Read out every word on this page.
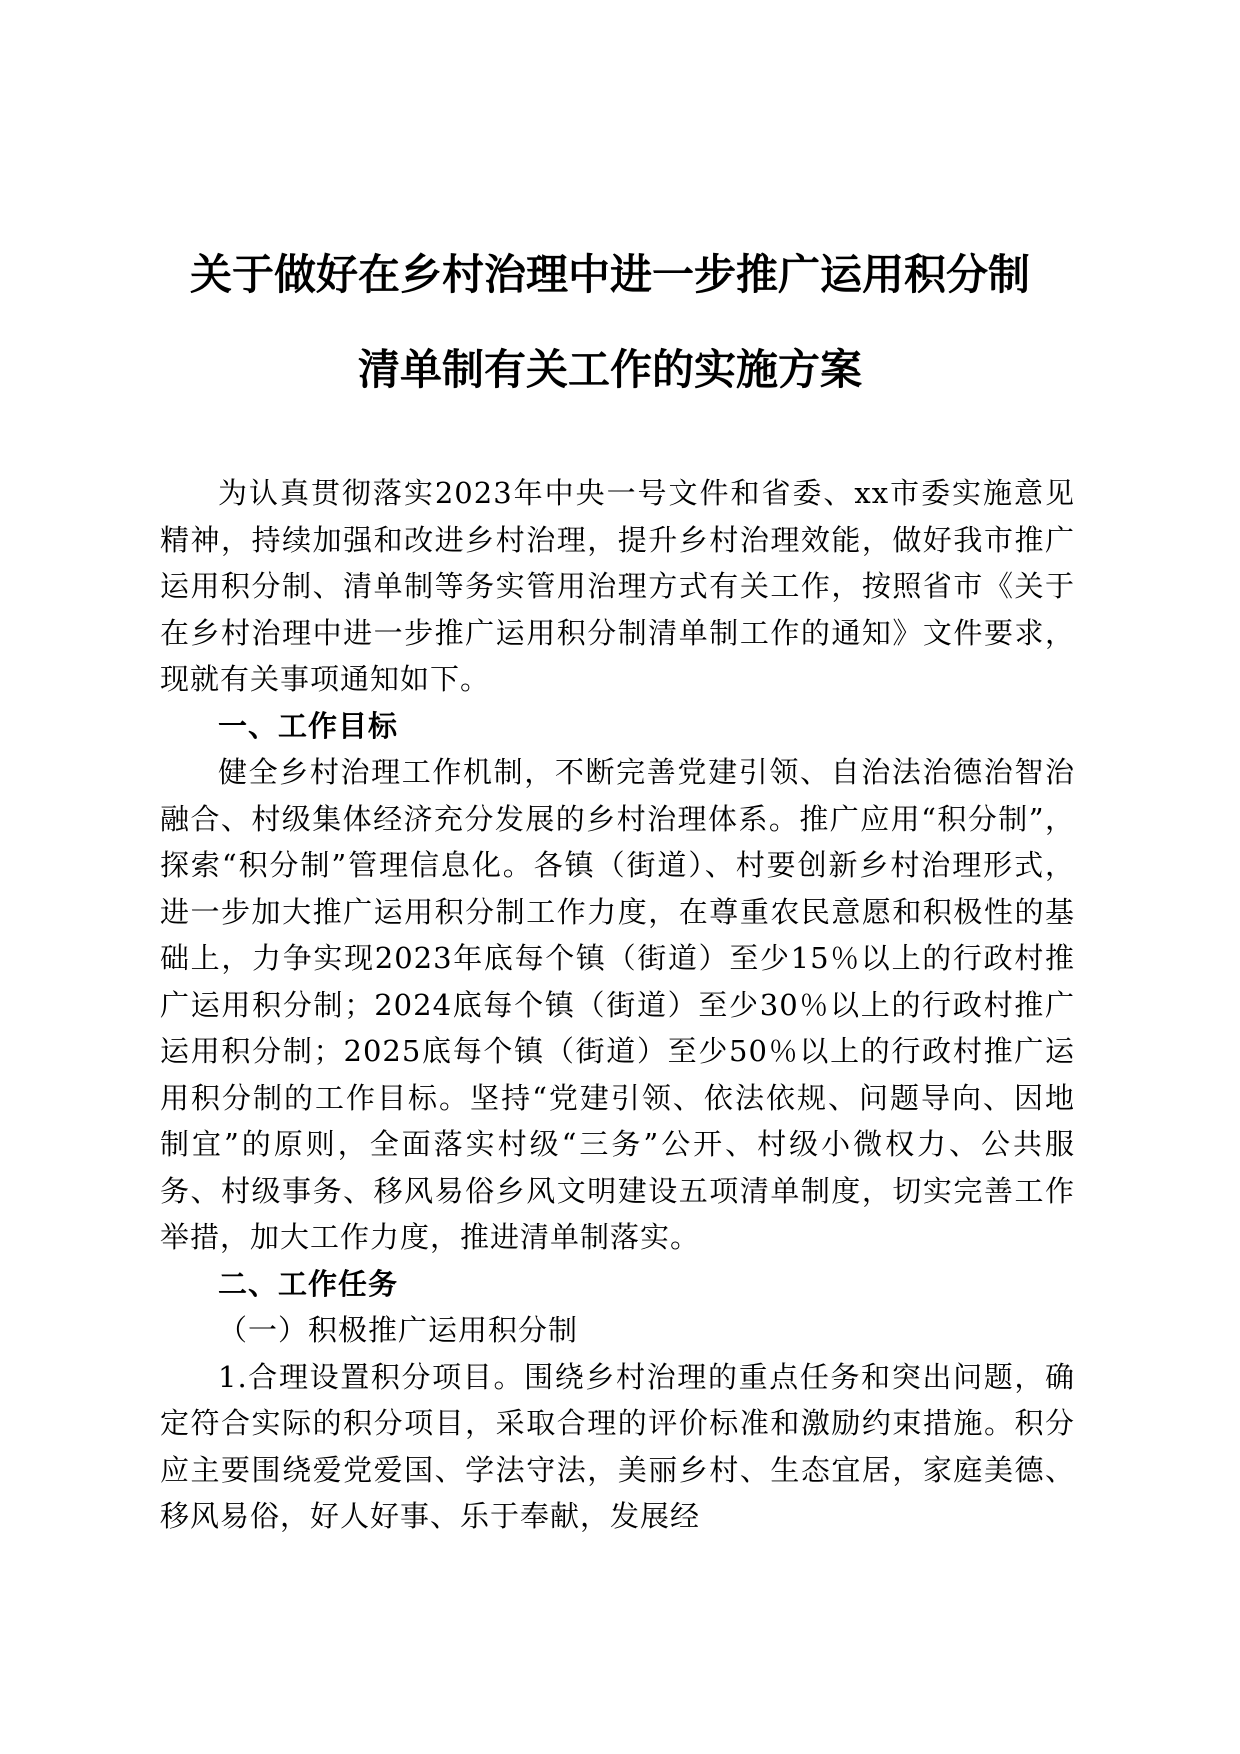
关于做好在乡村治理中进一步推广运用积分制
清单制有关工作的实施方案

为认真贯彻落实2023年中央一号文件和省委、xx市委实施意见精神，持续加强和改进乡村治理，提升乡村治理效能，做好我市推广运用积分制、清单制等务实管用治理方式有关工作，按照省市《关于在乡村治理中进一步推广运用积分制清单制工作的通知》文件要求，现就有关事项通知如下。

一、工作目标

健全乡村治理工作机制，不断完善党建引领、自治法治德治智治融合、村级集体经济充分发展的乡村治理体系。推广应用“积分制”，探索“积分制”管理信息化。各镇（街道）、村要创新乡村治理形式，进一步加大推广运用积分制工作力度，在尊重农民意愿和积极性的基础上，力争实现2023年底每个镇（街道）至少15％以上的行政村推广运用积分制；2024底每个镇（街道）至少30％以上的行政村推广运用积分制；2025底每个镇（街道）至少50％以上的行政村推广运用积分制的工作目标。坚持“党建引领、依法依规、问题导向、因地制宜”的原则，全面落实村级“三务”公开、村级小微权力、公共服务、村级事务、移风易俗乡风文明建设五项清单制度，切实完善工作举措，加大工作力度，推进清单制落实。

二、工作任务

（一）积极推广运用积分制

1.合理设置积分项目。围绕乡村治理的重点任务和突出问题，确定符合实际的积分项目，采取合理的评价标准和激励约束措施。积分应主要围绕爱党爱国、学法守法，美丽乡村、生态宜居，家庭美德、移风易俗，好人好事、乐于奉献，发展经
